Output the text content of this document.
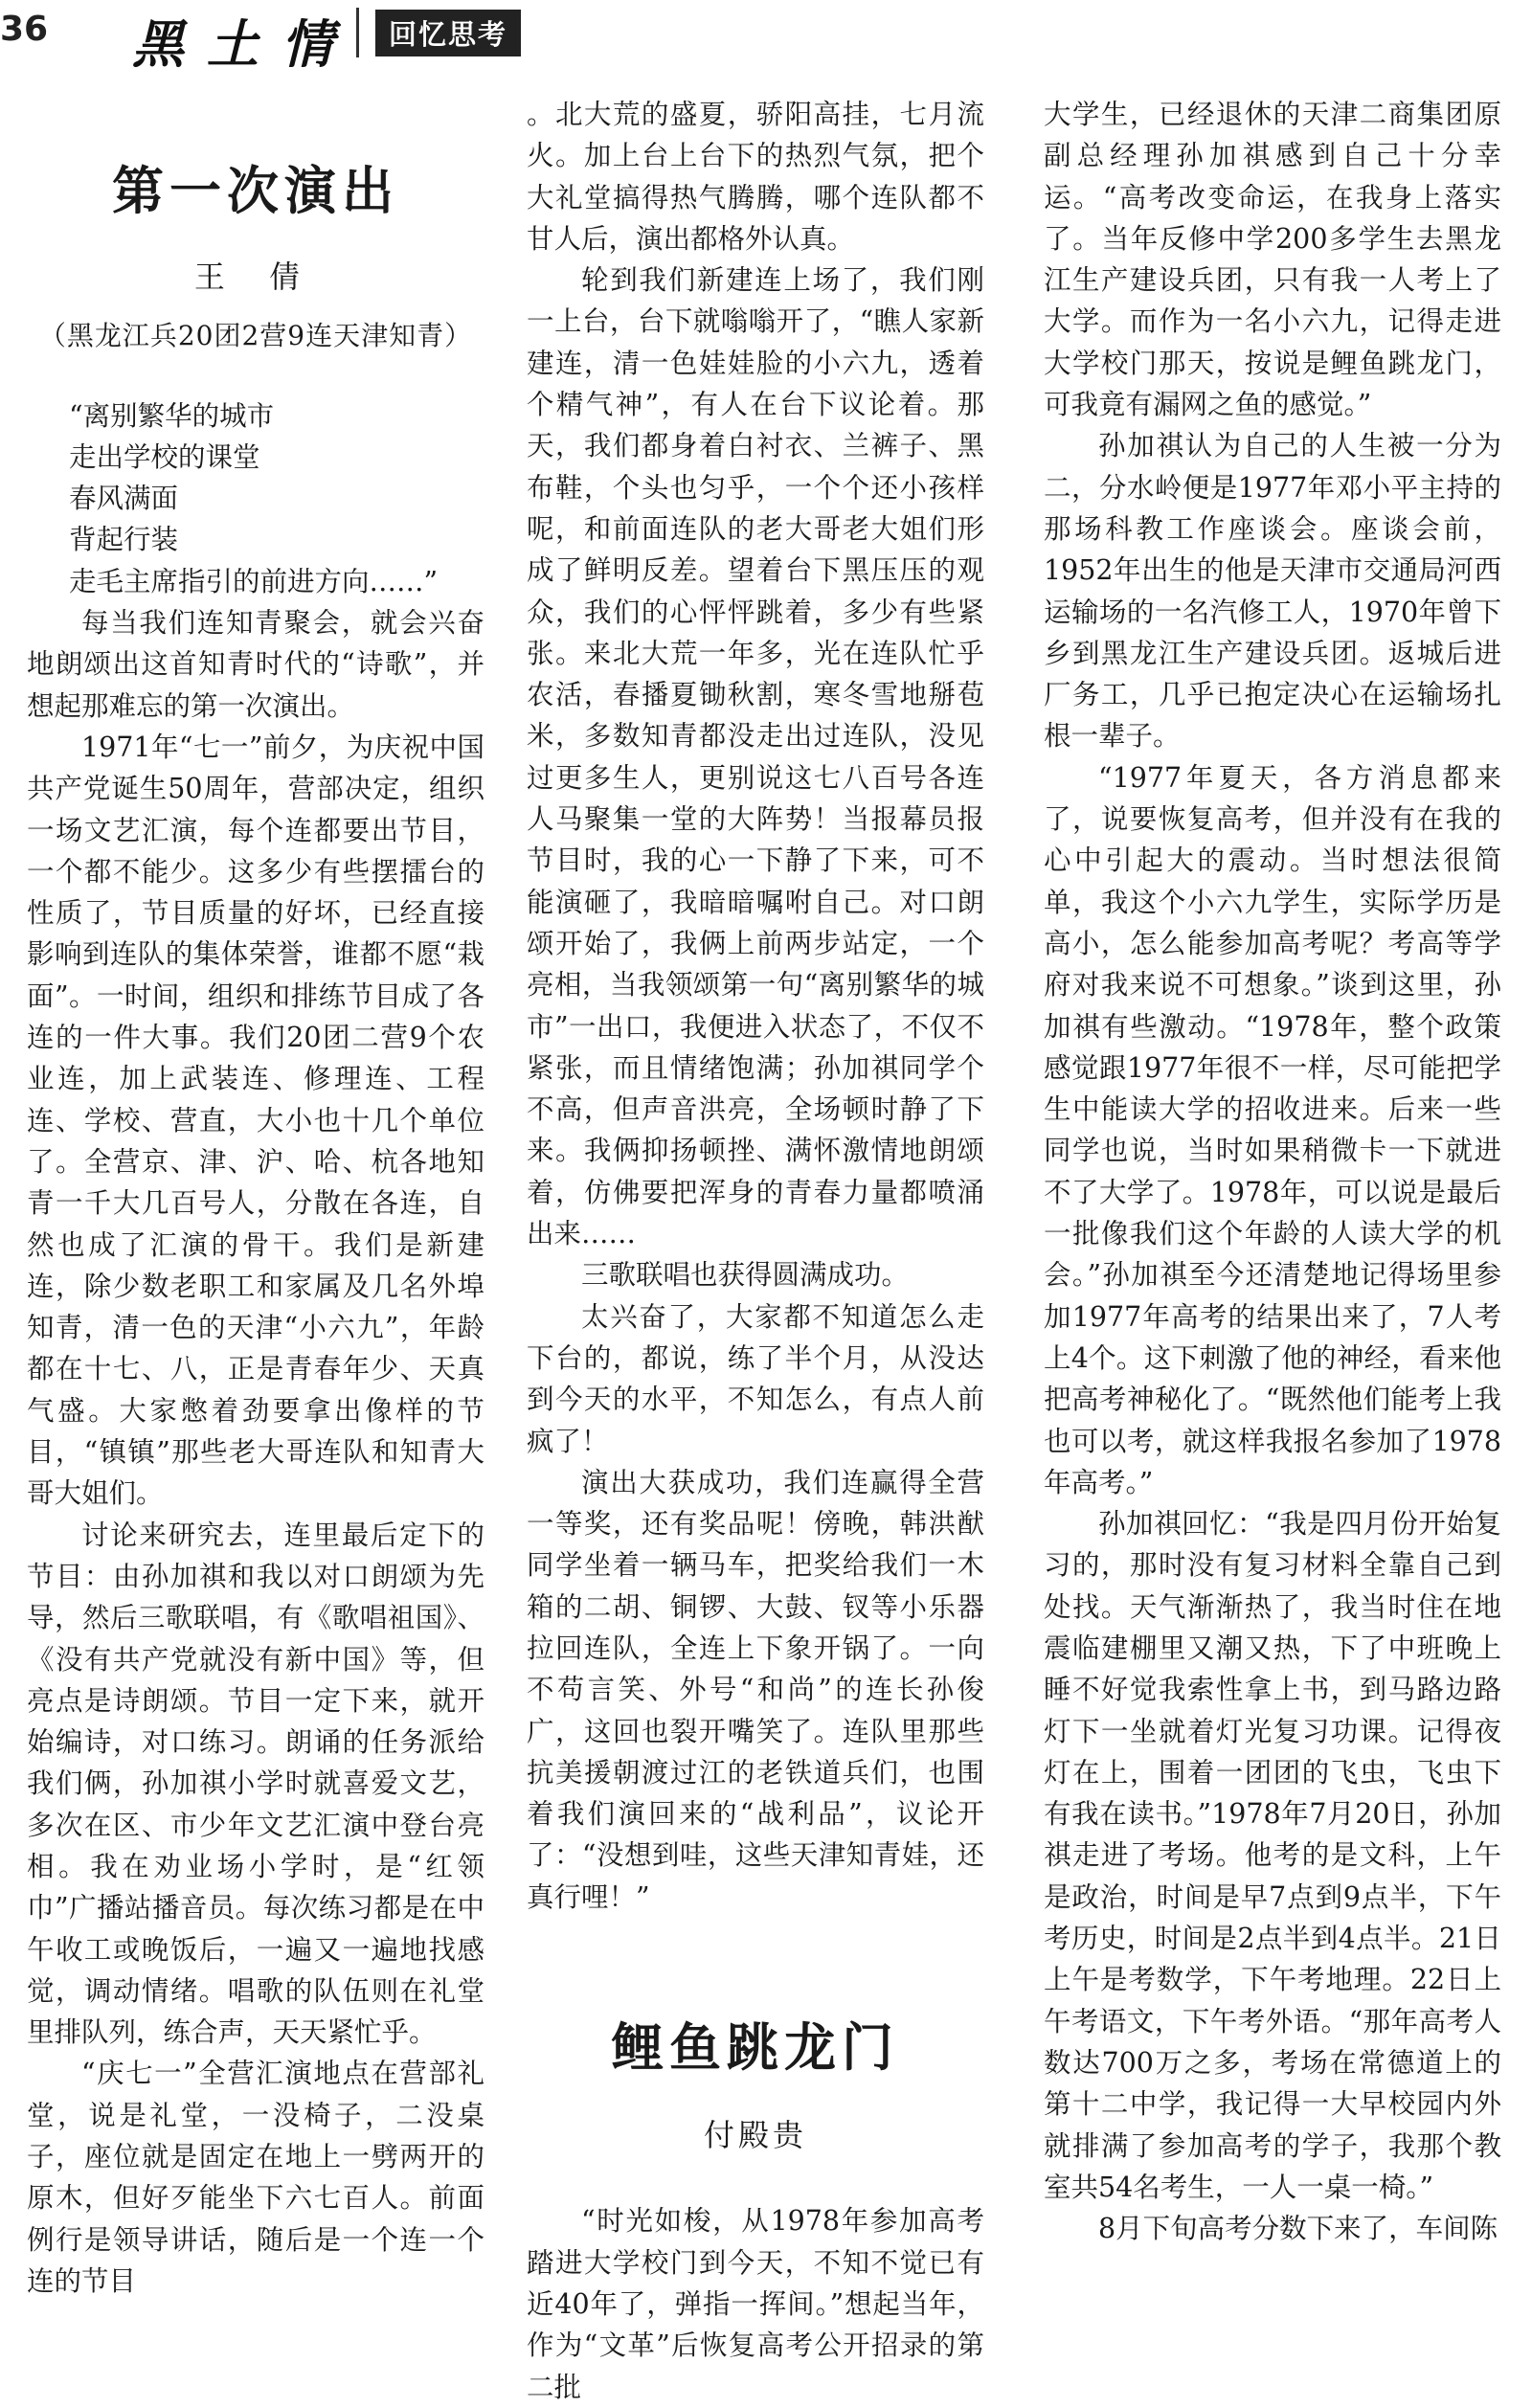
36 黑土情	回忆思考
第一次演出
王 倩
（黑龙江兵20团2营9连天津知青）
“离别繁华的城市
走出学校的课堂
春风满面
背起行装
走毛主席指引的前进方向……”

每当我们连知青聚会，就会兴奋地朗颂出这首知青时代的“诗歌”，并想起那难忘的第一次演出。

1971年“七一”前夕，为庆祝中国共产党诞生50周年，营部决定，组织一场文艺汇演，每个连都要出节目，一个都不能少。这多少有些摆擂台的性质了，节目质量的好坏，已经直接影响到连队的集体荣誉，谁都不愿“栽面”。一时间，组织和排练节目成了各连的一件大事。我们20团二营9个农业连，加上武装连、修理连、工程连、学校、营直，大小也十几个单位了。全营京、津、沪、哈、杭各地知青一千大几百号人，分散在各连，自然也成了汇演的骨干。我们是新建连，除少数老职工和家属及几名外埠知青，清一色的天津“小六九”，年龄都在十七、八，正是青春年少、天真气盛。大家憋着劲要拿出像样的节目，“镇镇”那些老大哥连队和知青大哥大姐们。

讨论来研究去，连里最后定下的节目：由孙加祺和我以对口朗颂为先导，然后三歌联唱，有《歌唱祖国》、《没有共产党就没有新中国》等，但亮点是诗朗颂。节目一定下来，就开始编诗，对口练习。朗诵的任务派给我们俩，孙加祺小学时就喜爱文艺，多次在区、市少年文艺汇演中登台亮相。我在劝业场小学时，是“红领巾”广播站播音员。每次练习都是在中午收工或晚饭后，一遍又一遍地找感觉，调动情绪。唱歌的队伍则在礼堂里排队列，练合声，天天紧忙乎。

“庆七一”全营汇演地点在营部礼堂，说是礼堂，一没椅子，二没桌子，座位就是固定在地上一劈两开的原木，但好歹能坐下六七百人。前面例行是领导讲话，随后是一个连一个连的节目

。北大荒的盛夏，骄阳高挂，七月流火。加上台上台下的热烈气氛，把个大礼堂搞得热气腾腾，哪个连队都不甘人后，演出都格外认真。

轮到我们新建连上场了，我们刚一上台，台下就嗡嗡开了，“瞧人家新建连，清一色娃娃脸的小六九，透着个精气神”，有人在台下议论着。那天，我们都身着白衬衣、兰裤子、黑布鞋，个头也匀乎，一个个还小孩样呢，和前面连队的老大哥老大姐们形成了鲜明反差。望着台下黑压压的观众，我们的心怦怦跳着，多少有些紧张。来北大荒一年多，光在连队忙乎农活，春播夏锄秋割，寒冬雪地掰苞米，多数知青都没走出过连队，没见过更多生人，更别说这七八百号各连人马聚集一堂的大阵势！当报幕员报节目时，我的心一下静了下来，可不能演砸了，我暗暗嘱咐自己。对口朗颂开始了，我俩上前两步站定，一个亮相，当我领颂第一句“离别繁华的城市”一出口，我便进入状态了，不仅不紧张，而且情绪饱满；孙加祺同学个不高，但声音洪亮，全场顿时静了下来。我俩抑扬顿挫、满怀激情地朗颂着，仿佛要把浑身的青春力量都喷涌出来……

三歌联唱也获得圆满成功。

太兴奋了，大家都不知道怎么走下台的，都说，练了半个月，从没达到今天的水平，不知怎么，有点人前疯了！

演出大获成功，我们连赢得全营一等奖，还有奖品呢！傍晚，韩洪猷同学坐着一辆马车，把奖给我们一木箱的二胡、铜锣、大鼓、钗等小乐器拉回连队，全连上下象开锅了。一向不苟言笑、外号“和尚”的连长孙俊广，这回也裂开嘴笑了。连队里那些抗美援朝渡过江的老铁道兵们，也围着我们演回来的“战利品”，议论开了：“没想到哇，这些天津知青娃，还真行哩！”

鲤鱼跳龙门
付殿贵

“时光如梭，从1978年参加高考踏进大学校门到今天，不知不觉已有近40年了，弹指一挥间。”想起当年，作为“文革”后恢复高考公开招录的第二批

大学生，已经退休的天津二商集团原副总经理孙加祺感到自己十分幸运。“高考改变命运，在我身上落实了。当年反修中学200多学生去黑龙江生产建设兵团，只有我一人考上了大学。而作为一名小六九，记得走进大学校门那天，按说是鲤鱼跳龙门，可我竟有漏网之鱼的感觉。”

孙加祺认为自己的人生被一分为二，分水岭便是1977年邓小平主持的那场科教工作座谈会。座谈会前，1952年出生的他是天津市交通局河西运输场的一名汽修工人，1970年曾下乡到黑龙江生产建设兵团。返城后进厂务工，几乎已抱定决心在运输场扎根一辈子。

“1977年夏天，各方消息都来了，说要恢复高考，但并没有在我的心中引起大的震动。当时想法很简单，我这个小六九学生，实际学历是高小，怎么能参加高考呢？考高等学府对我来说不可想象。”谈到这里，孙加祺有些激动。“1978年，整个政策感觉跟1977年很不一样，尽可能把学生中能读大学的招收进来。后来一些同学也说，当时如果稍微卡一下就进不了大学了。1978年，可以说是最后一批像我们这个年龄的人读大学的机会。”孙加祺至今还清楚地记得场里参加1977年高考的结果出来了，7人考上4个。这下刺激了他的神经，看来他把高考神秘化了。“既然他们能考上我也可以考，就这样我报名参加了1978年高考。”

孙加祺回忆：“我是四月份开始复习的，那时没有复习材料全靠自己到处找。天气渐渐热了，我当时住在地震临建棚里又潮又热，下了中班晚上睡不好觉我索性拿上书，到马路边路灯下一坐就着灯光复习功课。记得夜灯在上，围着一团团的飞虫，飞虫下有我在读书。”1978年7月20日，孙加祺走进了考场。他考的是文科，上午是政治，时间是早7点到9点半，下午考历史，时间是2点半到4点半。21日上午是考数学，下午考地理。22日上午考语文，下午考外语。“那年高考人数达700万之多，考场在常德道上的第十二中学，我记得一大早校园内外就排满了参加高考的学子，我那个教室共54名考生，一人一桌一椅。”

8月下旬高考分数下来了，车间陈
